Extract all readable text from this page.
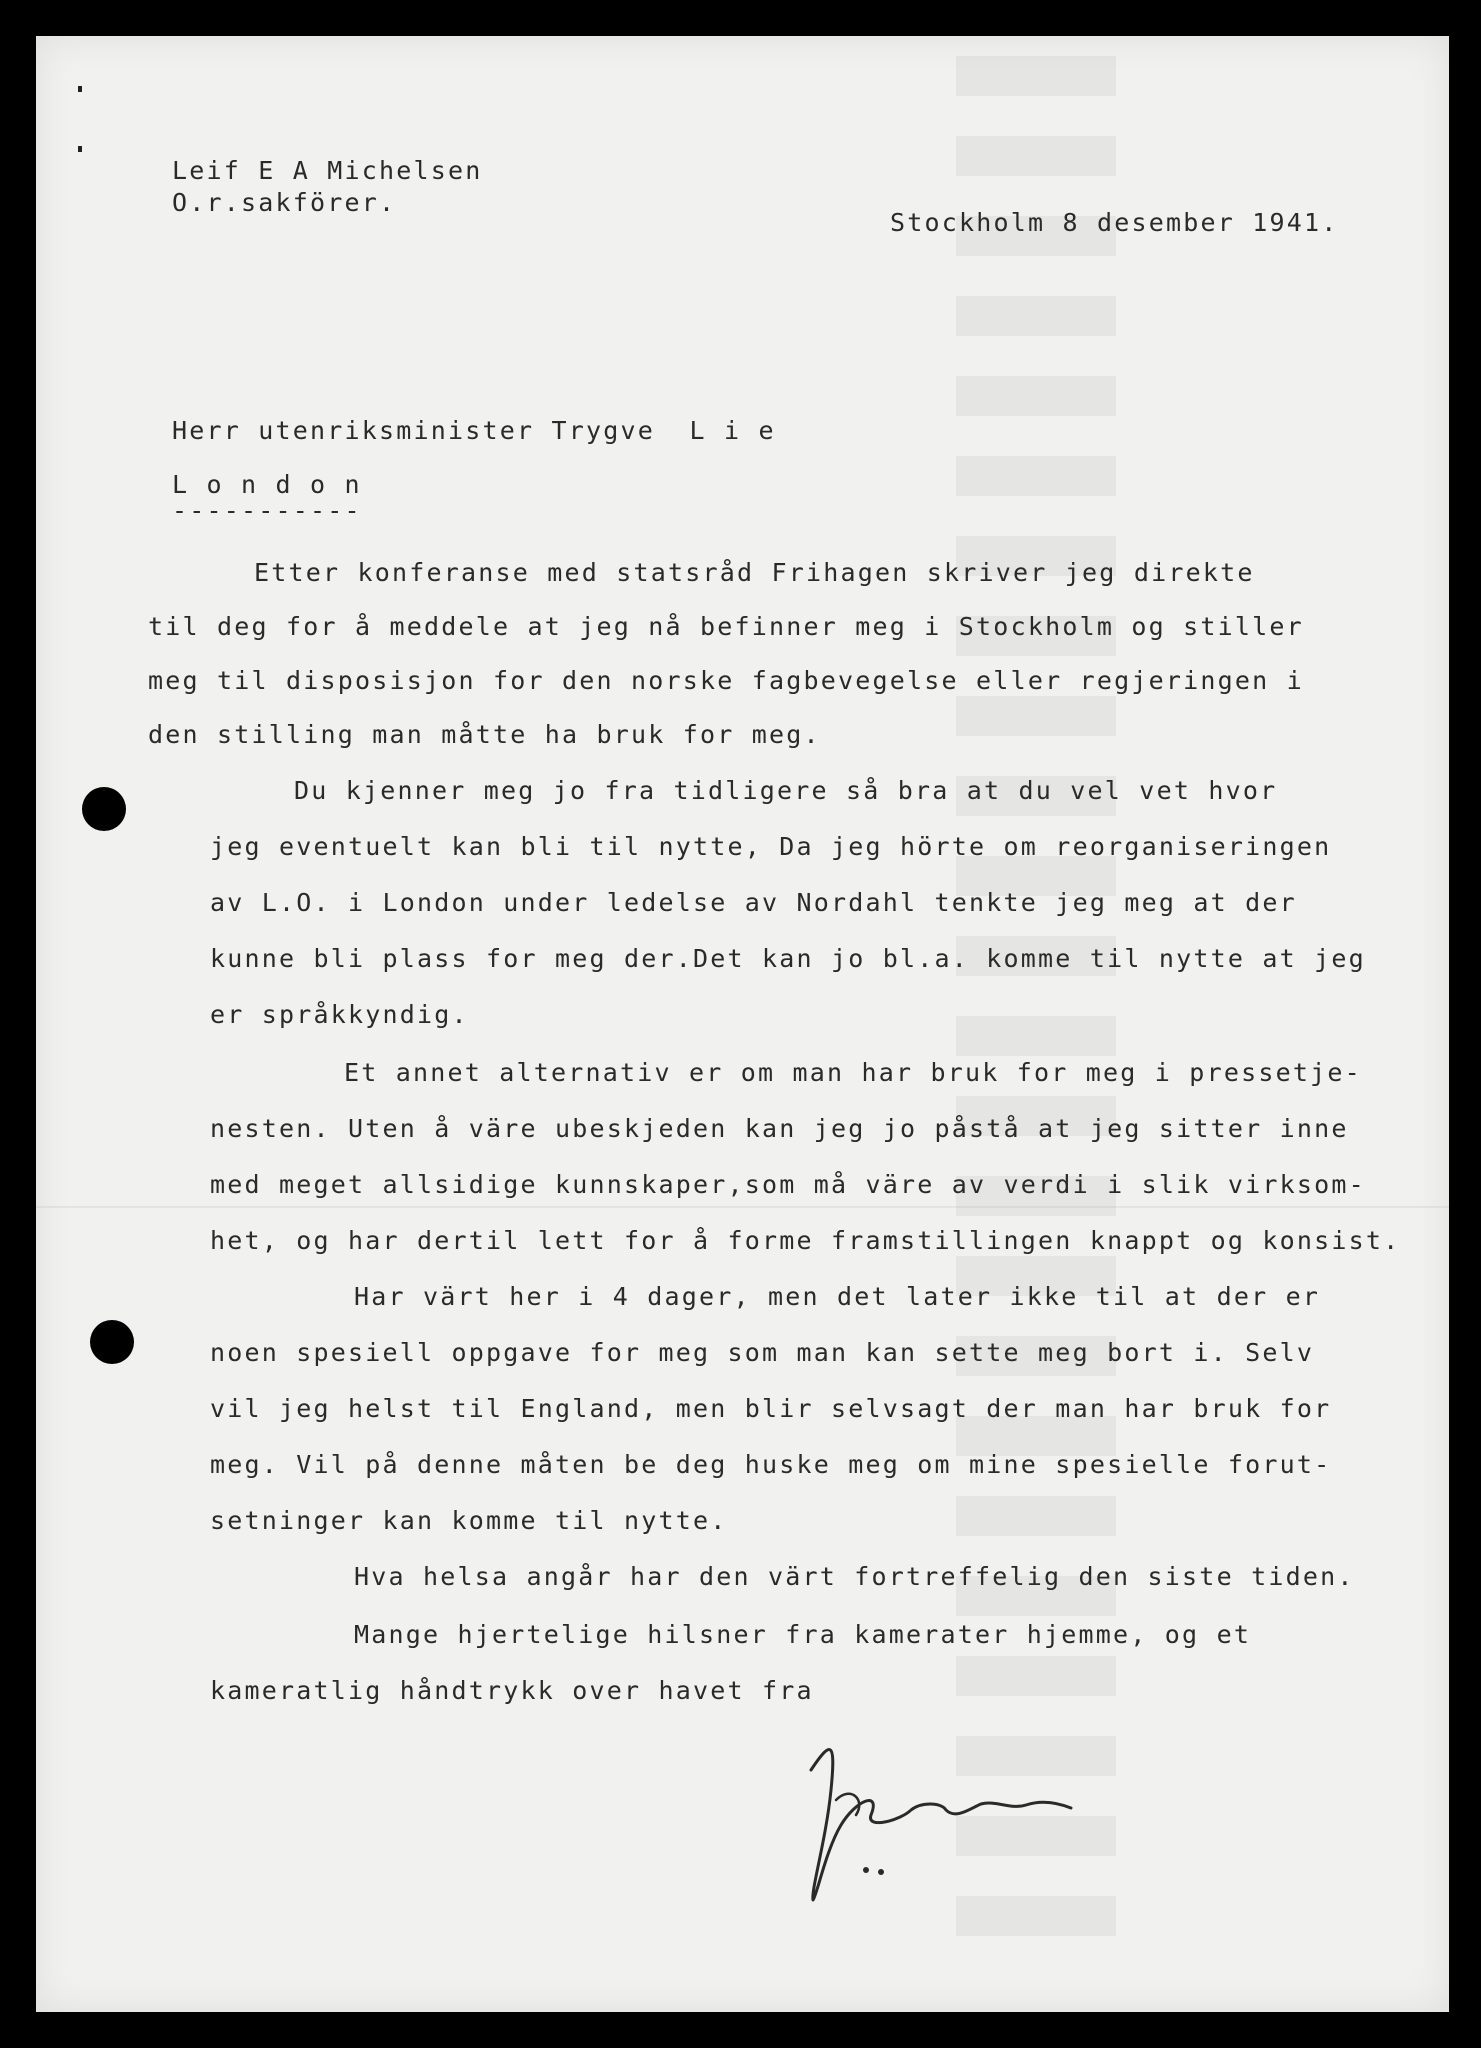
Leif E A Michelsen
O.r.sakförer.
Stockholm 8 desember 1941.
Herr utenriksminister Trygve  L i e
L o n d o n
-----------
Etter konferanse med statsråd Frihagen skriver jeg direkte
til deg for å meddele at jeg nå befinner meg i Stockholm og stiller
meg til disposisjon for den norske fagbevegelse eller regjeringen i
den stilling man måtte ha bruk for meg.
Du kjenner meg jo fra tidligere så bra at du vel vet hvor
jeg eventuelt kan bli til nytte, Da jeg hörte om reorganiseringen
av L.O. i London under ledelse av Nordahl tenkte jeg meg at der
kunne bli plass for meg der.Det kan jo bl.a. komme til nytte at jeg
er språkkyndig.
Et annet alternativ er om man har bruk for meg i pressetje-
nesten. Uten å väre ubeskjeden kan jeg jo påstå at jeg sitter inne
med meget allsidige kunnskaper,som må väre av verdi i slik virksom-
het, og har dertil lett for å forme framstillingen knappt og konsist.
Har värt her i 4 dager, men det later ikke til at der er
noen spesiell oppgave for meg som man kan sette meg bort i. Selv
vil jeg helst til England, men blir selvsagt der man har bruk for
meg. Vil på denne måten be deg huske meg om mine spesielle forut-
setninger kan komme til nytte.
Hva helsa angår har den värt fortreffelig den siste tiden.
Mange hjertelige hilsner fra kamerater hjemme, og et
kameratlig håndtrykk over havet fra
